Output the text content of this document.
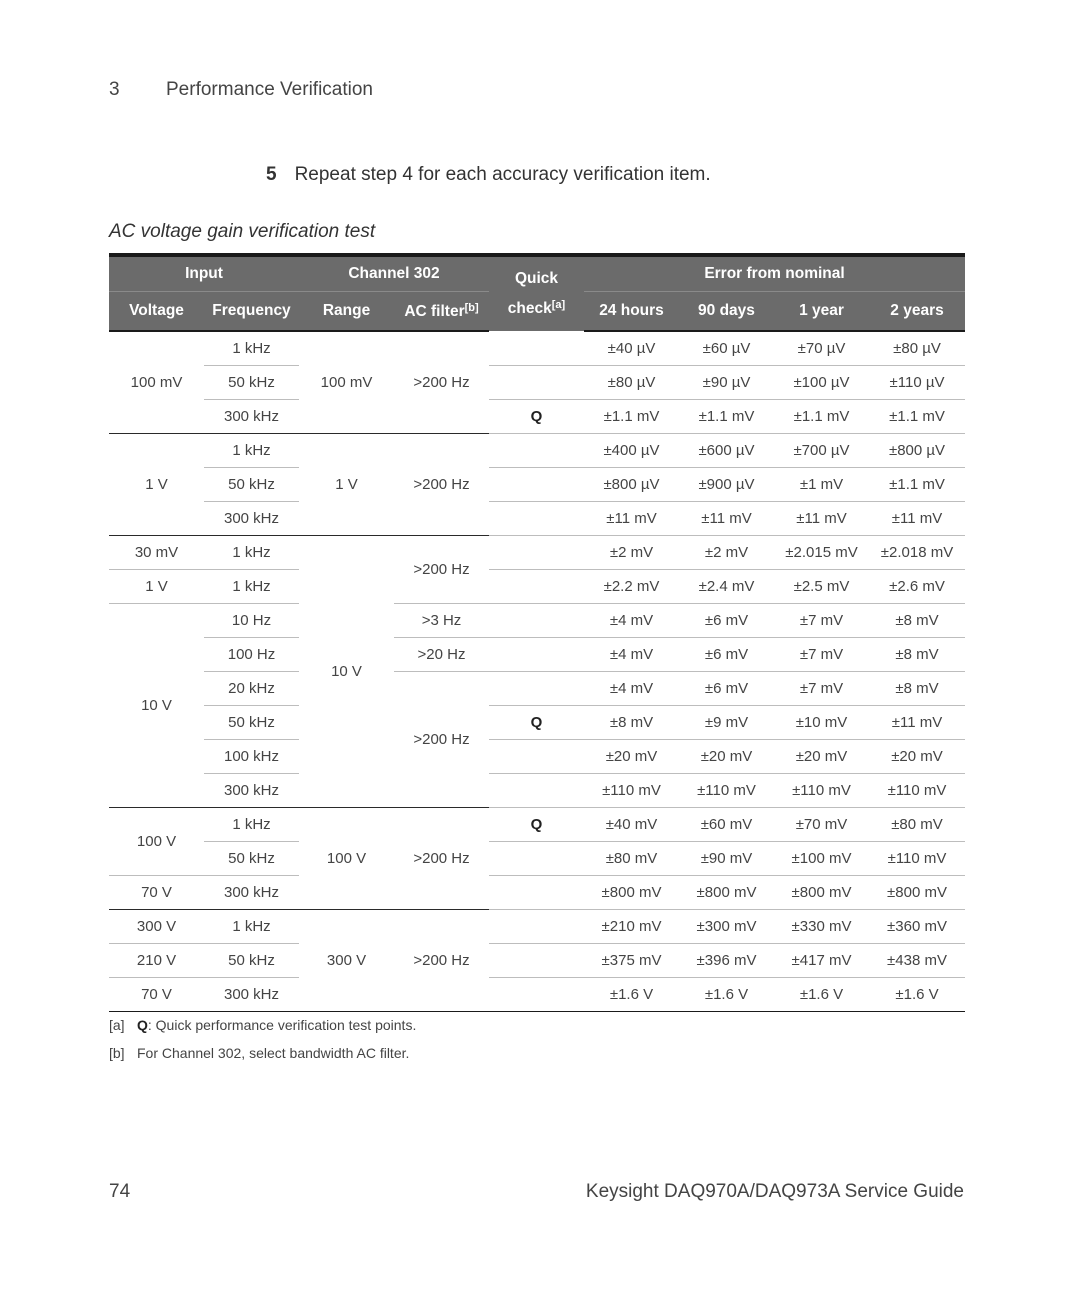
3 Performance Verification
5 Repeat step 4 for each accuracy verification item.
AC voltage gain verification test
Input		Channel 302		Quick check[a]	Error from nominal			
Voltage	Frequency	Range	AC filter[b]		24 hours	90 days	1 year	2 years
100 mV	1 kHz	100 mV	>200 Hz		±40 µV	±60 µV	±70 µV	±80 µV
	50 kHz				±80 µV	±90 µV	±100 µV	±110 µV
	300 kHz			Q	±1.1 mV	±1.1 mV	±1.1 mV	±1.1 mV
1 V	1 kHz	1 V	>200 Hz		±400 µV	±600 µV	±700 µV	±800 µV
	50 kHz				±800 µV	±900 µV	±1 mV	±1.1 mV
	300 kHz				±11 mV	±11 mV	±11 mV	±11 mV
30 mV	1 kHz	10 V	>200 Hz		±2 mV	±2 mV	±2.015 mV	±2.018 mV
1 V	1 kHz				±2.2 mV	±2.4 mV	±2.5 mV	±2.6 mV
10 V	10 Hz		>3 Hz		±4 mV	±6 mV	±7 mV	±8 mV
	100 Hz		>20 Hz		±4 mV	±6 mV	±7 mV	±8 mV
	20 kHz		>200 Hz		±4 mV	±6 mV	±7 mV	±8 mV
	50 kHz			Q	±8 mV	±9 mV	±10 mV	±11 mV
	100 kHz				±20 mV	±20 mV	±20 mV	±20 mV
	300 kHz				±110 mV	±110 mV	±110 mV	±110 mV
100 V	1 kHz	100 V	>200 Hz	Q	±40 mV	±60 mV	±70 mV	±80 mV
	50 kHz				±80 mV	±90 mV	±100 mV	±110 mV
70 V	300 kHz				±800 mV	±800 mV	±800 mV	±800 mV
300 V	1 kHz	300 V	>200 Hz		±210 mV	±300 mV	±330 mV	±360 mV
210 V	50 kHz				±375 mV	±396 mV	±417 mV	±438 mV
70 V	300 kHz				±1.6 V	±1.6 V	±1.6 V	±1.6 V
[a] Q: Quick performance verification test points.
[b] For Channel 302, select bandwidth AC filter.
74	Keysight DAQ970A/DAQ973A Service Guide
